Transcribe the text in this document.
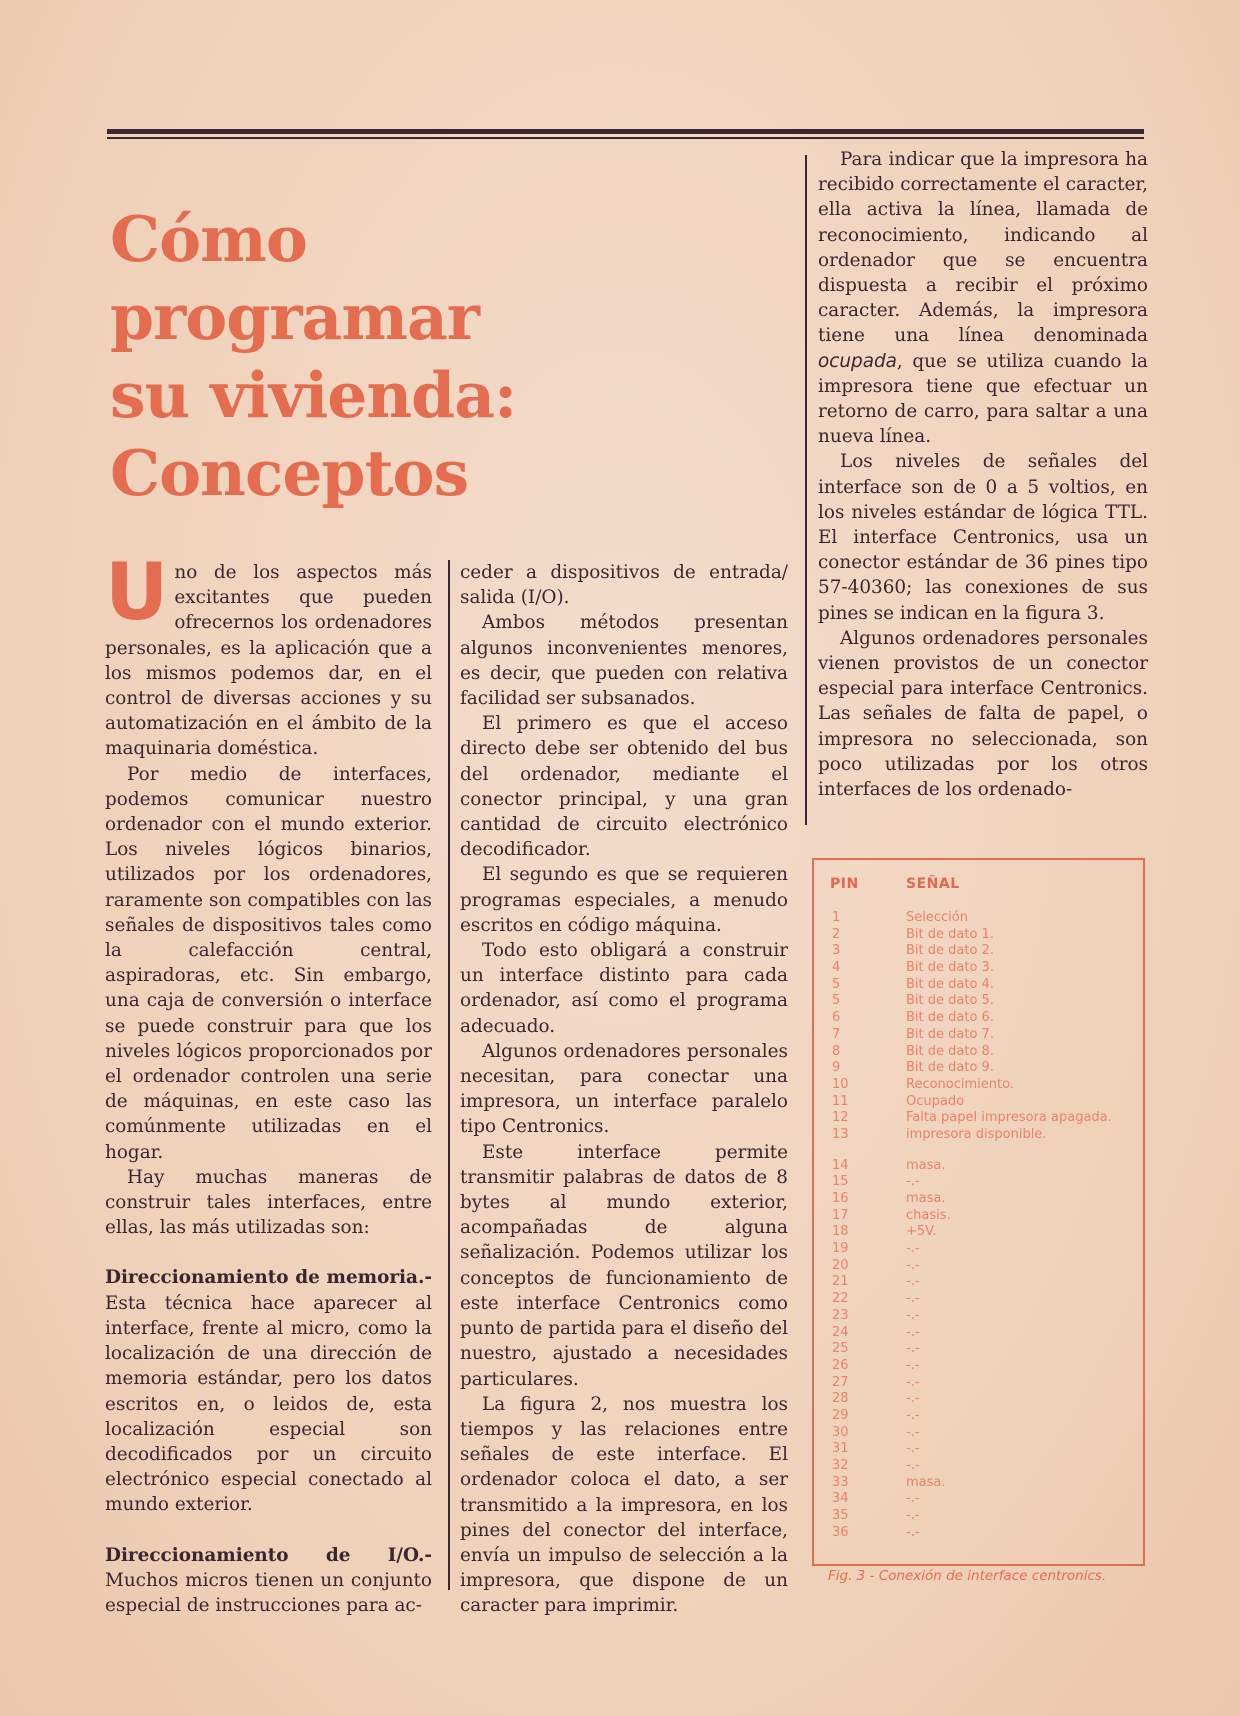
Cómo
programar
su vivienda:
Conceptos

Uno de los aspectos más excitantes que pueden ofrecernos los ordenadores personales, es la aplicación que a los mismos podemos dar, en el control de diversas acciones y su automatización en el ámbito de la maquinaria doméstica.

Por medio de interfaces, podemos comunicar nuestro ordenador con el mundo exterior. Los niveles lógicos binarios, utilizados por los ordenadores, raramente son compatibles con las señales de dispositivos tales como la calefacción central, aspiradoras, etc. Sin embargo, una caja de conversión o interface se puede construir para que los niveles lógicos proporcionados por el ordenador controlen una serie de máquinas, en este caso las comúnmente utilizadas en el hogar.

Hay muchas maneras de construir tales interfaces, entre ellas, las más utilizadas son:

Direccionamiento de memoria.- Esta técnica hace aparecer al interface, frente al micro, como la localización de una dirección de memoria estándar, pero los datos escritos en, o leidos de, esta localización especial son decodificados por un circuito electrónico especial conectado al mundo exterior.

Direccionamiento de I/O.- Muchos micros tienen un conjunto especial de instrucciones para ac-

ceder a dispositivos de entrada/ salida (I/O).

Ambos métodos presentan algunos inconvenientes menores, es decir, que pueden con relativa facilidad ser subsanados.

El primero es que el acceso directo debe ser obtenido del bus del ordenador, mediante el conector principal, y una gran cantidad de circuito electrónico decodificador.

El segundo es que se requieren programas especiales, a menudo escritos en código máquina.

Todo esto obligará a construir un interface distinto para cada ordenador, así como el programa adecuado.

Algunos ordenadores personales necesitan, para conectar una impresora, un interface paralelo tipo Centronics.

Este interface permite transmitir palabras de datos de 8 bytes al mundo exterior, acompañadas de alguna señalización. Podemos utilizar los conceptos de funcionamiento de este interface Centronics como punto de partida para el diseño del nuestro, ajustado a necesidades particulares.

La figura 2, nos muestra los tiempos y las relaciones entre señales de este interface. El ordenador coloca el dato, a ser transmitido a la impresora, en los pines del conector del interface, envía un impulso de selección a la impresora, que dispone de un caracter para imprimir.

Para indicar que la impresora ha recibido correctamente el caracter, ella activa la línea, llamada de reconocimiento, indicando al ordenador que se encuentra dispuesta a recibir el próximo caracter. Además, la impresora tiene una línea denominada ocupada, que se utiliza cuando la impresora tiene que efectuar un retorno de carro, para saltar a una nueva línea.

Los niveles de señales del interface son de 0 a 5 voltios, en los niveles estándar de lógica TTL. El interface Centronics, usa un conector estándar de 36 pines tipo 57-40360; las conexiones de sus pines se indican en la figura 3.

Algunos ordenadores personales vienen provistos de un conector especial para interface Centronics. Las señales de falta de papel, o impresora no seleccionada, son poco utilizadas por los otros interfaces de los ordenado-

PIN	SEÑAL
1	Selección
2	Bit de dato 1.
3	Bit de dato 2.
4	Bit de dato 3.
5	Bit de dato 4.
5	Bit de dato 5.
6	Bit de dato 6.
7	Bit de dato 7.
8	Bit de dato 8.
9	Bit de dato 9.
10	Reconocimiento.
11	Ocupado
12	Falta papel impresora apagada.
13	impresora disponible.
14	masa.
15	-.-
16	masa.
17	chasis.
18	+5V.
19	-.-
20	-.-
21	-.-
22	-.-
23	-.-
24	-.-
25	-.-
26	-.-
27	-.-
28	-.-
29	-.-
30	-.-
31	-.-
32	-.-
33	masa.
34	-.-
35	-.-
36	-.-
Fig. 3 - Conexión de interface centronics.
